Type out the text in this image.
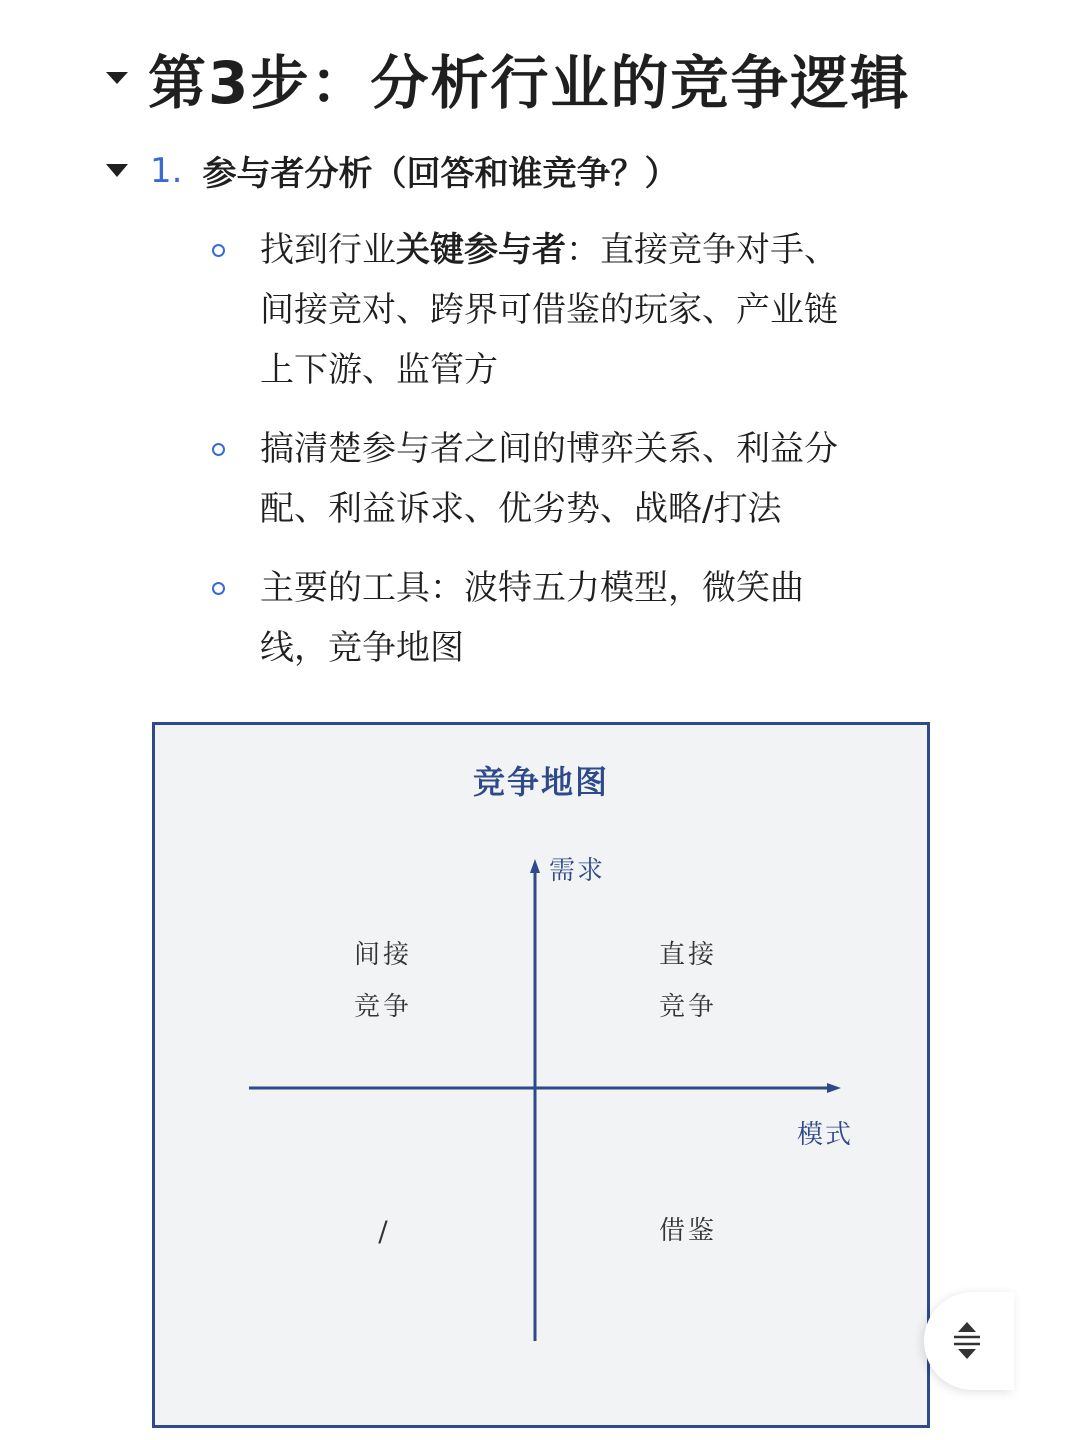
第3步：分析行业的竞争逻辑
1. 参与者分析（回答和谁竞争？）
找到行业关键参与者：直接竞争对手、
间接竞对、跨界可借鉴的玩家、产业链
上下游、监管方
搞清楚参与者之间的博弈关系、利益分
配、利益诉求、优劣势、战略/打法
主要的工具：波特五力模型，微笑曲
线，竞争地图
竞争地图
需求
模式
间接
竞争
直接
竞争
/	借鉴
